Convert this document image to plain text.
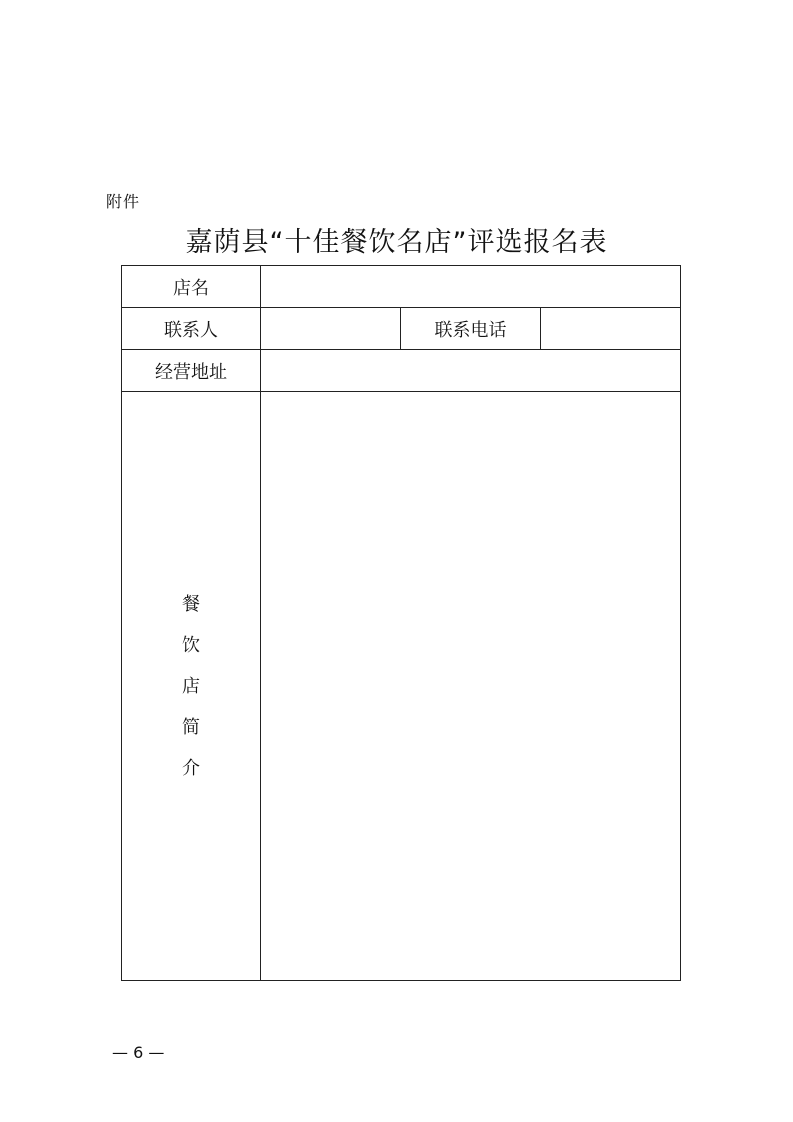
附件
嘉荫县“十佳餐饮名店”评选报名表
店名			
联系人		联系电话	
经营地址			
餐饮店简介			
— 6 —
